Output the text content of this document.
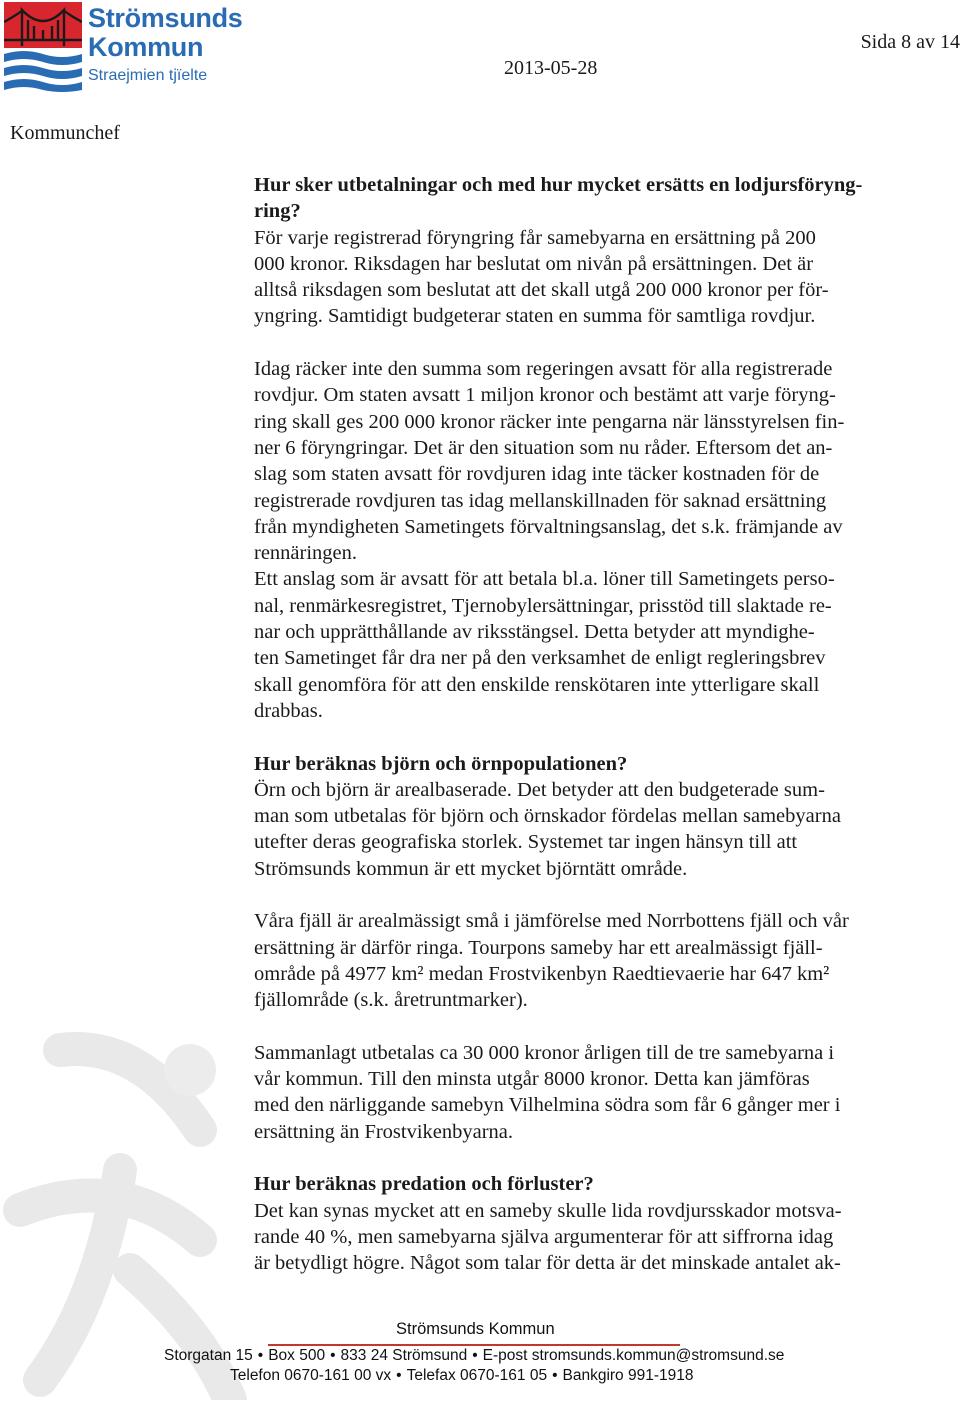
Strömsunds
Kommun
Straejmien tjïelte
Sida 8 av 14
2013-05-28
Kommunchef
Hur sker utbetalningar och med hur mycket ersätts en lodjursföryng-
ring?

För varje registrerad föryngring får samebyarna en ersättning på 200
000 kronor. Riksdagen har beslutat om nivån på ersättningen. Det är
alltså riksdagen som beslutat att det skall utgå 200 000 kronor per för-
yngring. Samtidigt budgeterar staten en summa för samtliga rovdjur.

Idag räcker inte den summa som regeringen avsatt för alla registrerade
rovdjur. Om staten avsatt 1 miljon kronor och bestämt att varje föryng-
ring skall ges 200 000 kronor räcker inte pengarna när länsstyrelsen fin-
ner 6 föryngringar. Det är den situation som nu råder. Eftersom det an-
slag som staten avsatt för rovdjuren idag inte täcker kostnaden för de
registrerade rovdjuren tas idag mellanskillnaden för saknad ersättning
från myndigheten Sametingets förvaltningsanslag, det s.k. främjande av
rennäringen.

Ett anslag som är avsatt för att betala bl.a. löner till Sametingets perso-
nal, renmärkesregistret, Tjernobylersättningar, prisstöd till slaktade re-
nar och upprätthållande av riksstängsel. Detta betyder att myndighe-
ten Sametinget får dra ner på den verksamhet de enligt regleringsbrev
skall genomföra för att den enskilde renskötaren inte ytterligare skall
drabbas.

Hur beräknas björn och örnpopulationen?

Örn och björn är arealbaserade. Det betyder att den budgeterade sum-
man som utbetalas för björn och örnskador fördelas mellan samebyarna
utefter deras geografiska storlek. Systemet tar ingen hänsyn till att
Strömsunds kommun är ett mycket björntätt område.

Våra fjäll är arealmässigt små i jämförelse med Norrbottens fjäll och vår
ersättning är därför ringa. Tourpons sameby har ett arealmässigt fjäll-
område på 4977 km² medan Frostvikenbyn Raedtievaerie har 647 km²
fjällområde (s.k. åretruntmarker).

Sammanlagt utbetalas ca 30 000 kronor årligen till de tre samebyarna i
vår kommun. Till den minsta utgår 8000 kronor. Detta kan jämföras
med den närliggande samebyn Vilhelmina södra som får 6 gånger mer i
ersättning än Frostvikenbyarna.

Hur beräknas predation och förluster?

Det kan synas mycket att en sameby skulle lida rovdjursskador motsva-
rande 40 %, men samebyarna själva argumenterar för att siffrorna idag
är betydligt högre. Något som talar för detta är det minskade antalet ak-

Strömsunds Kommun
Storgatan 15 • Box 500 • 833 24 Strömsund • E-post stromsunds.kommun@stromsund.se
Telefon 0670-161 00 vx • Telefax 0670-161 05 • Bankgiro 991-1918
